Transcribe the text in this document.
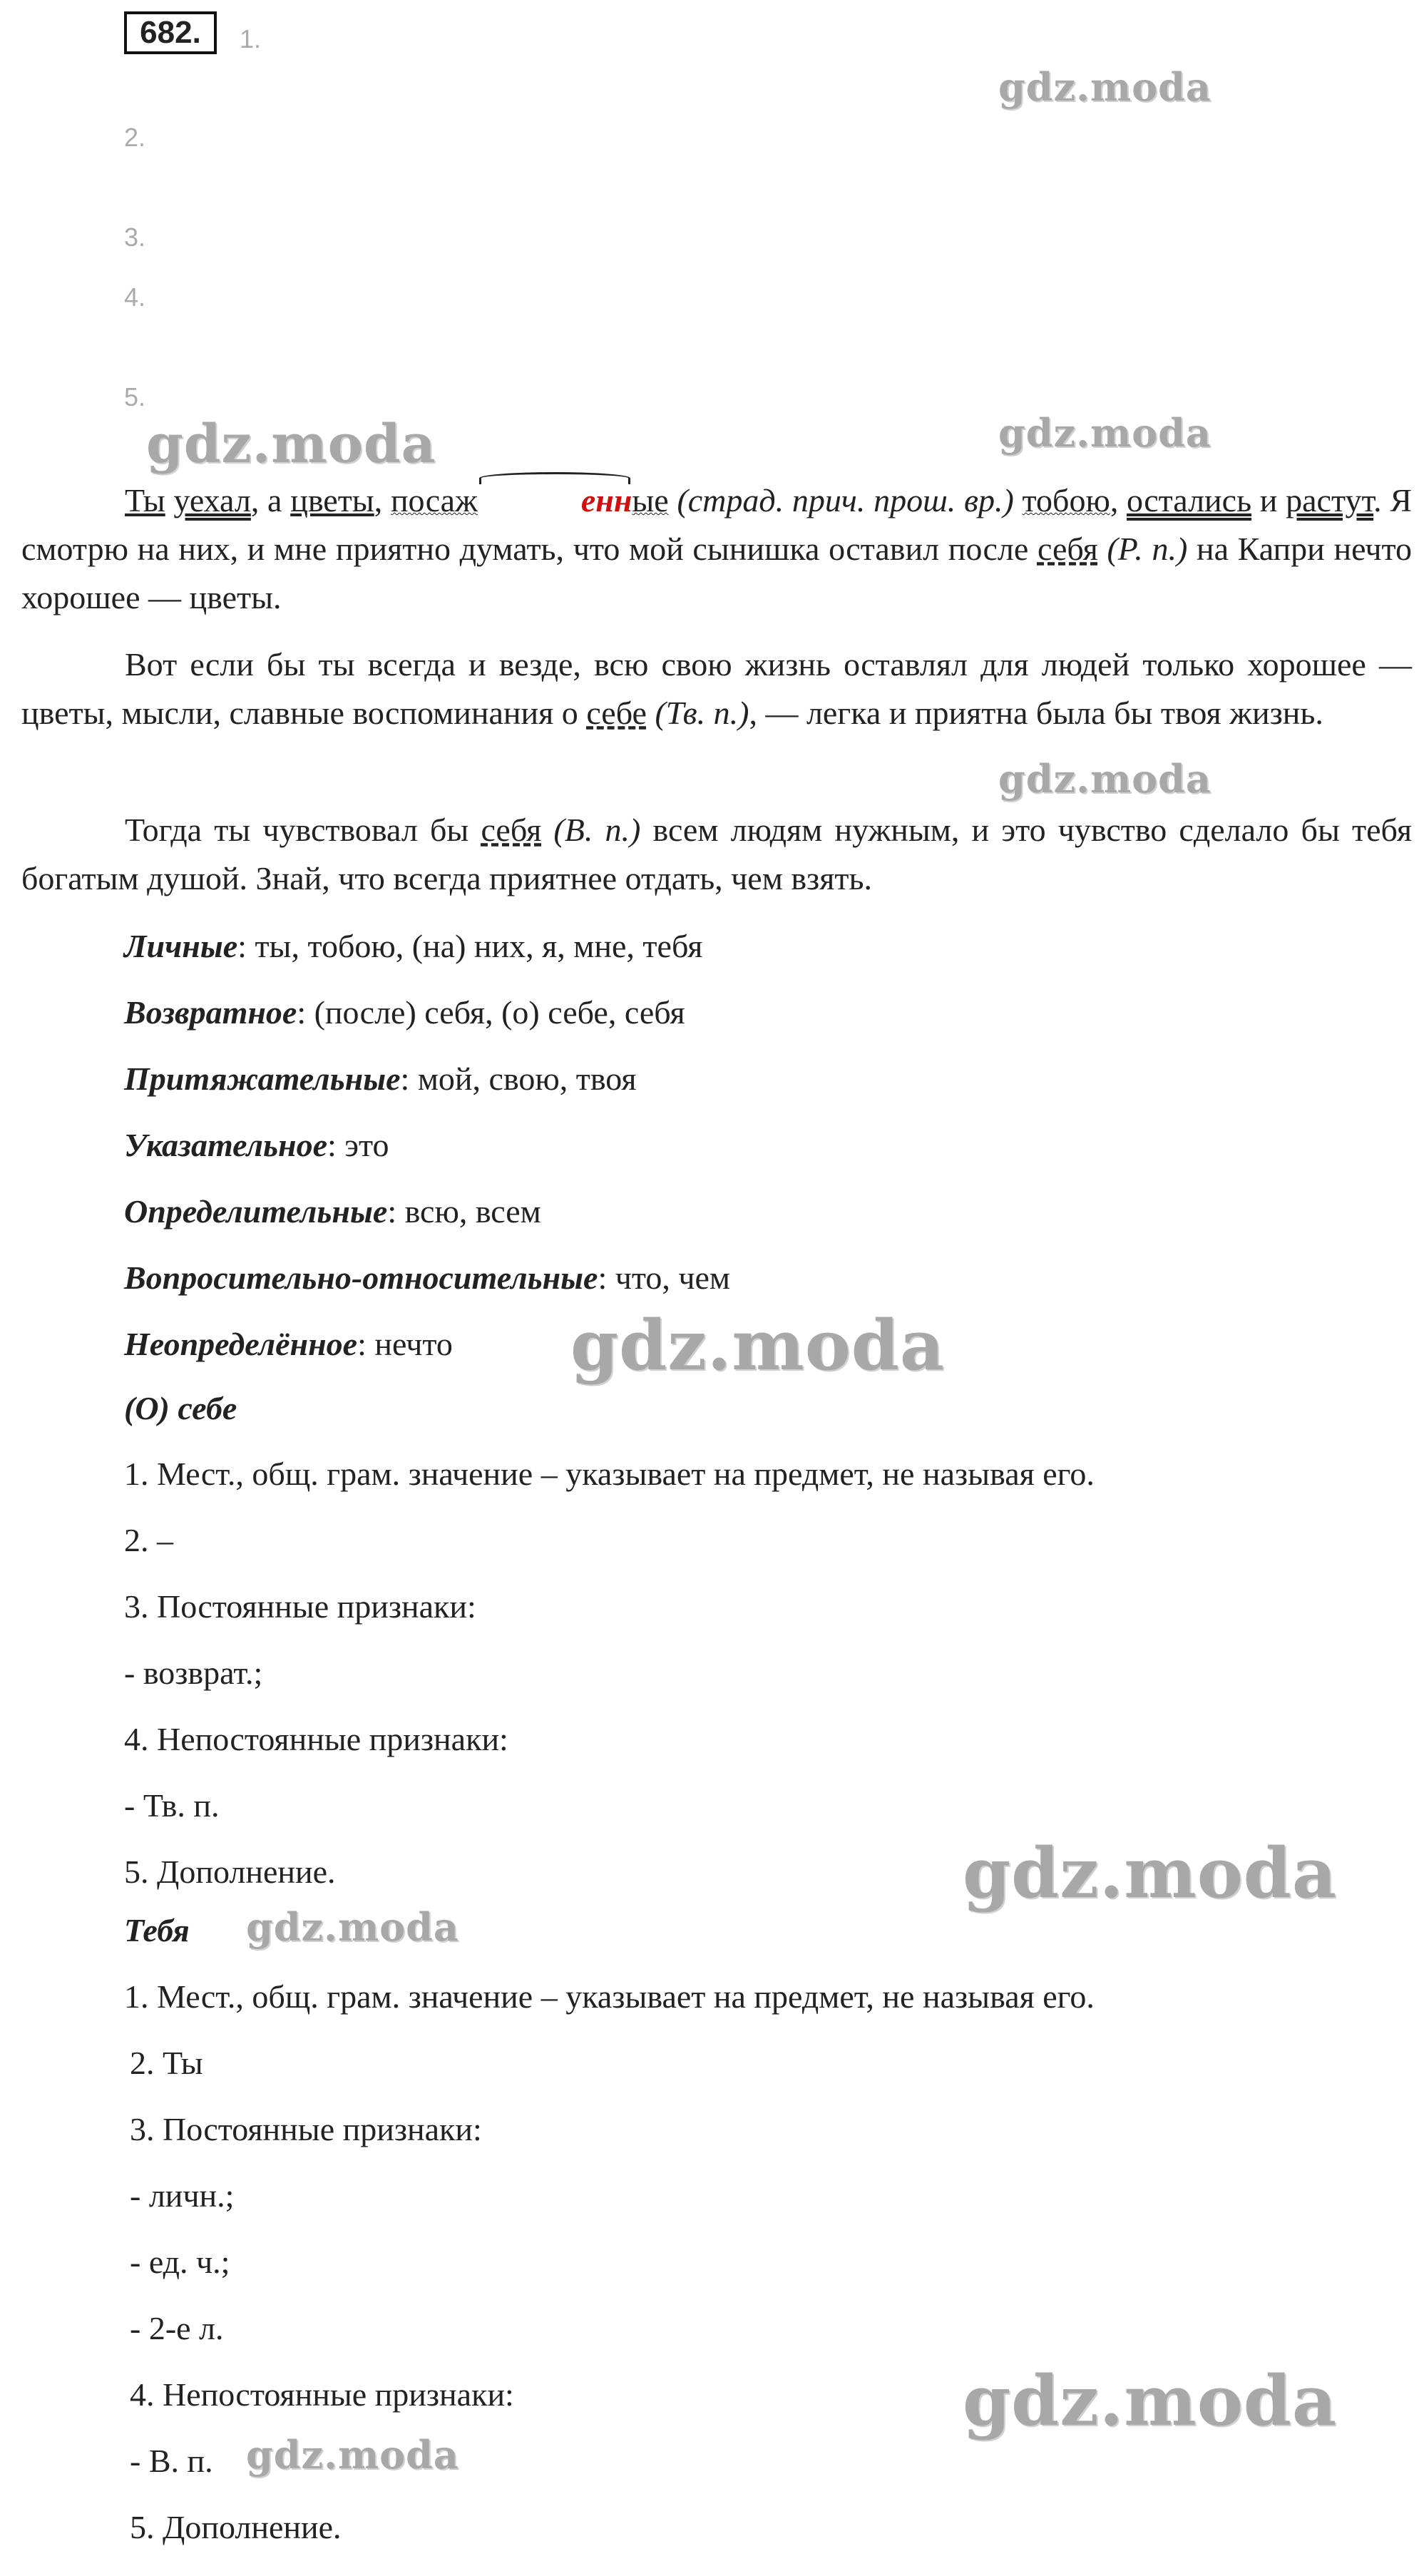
682.	1.
2.
3.
4.
5.
gdz.moda
gdz.moda	gdz.moda
gdz.moda
gdz.moda
gdz.moda
gdz.moda
gdz.moda
gdz.moda
Ты уехал, а цветы, посаж	енные (страд. прич. прош. вр.) тобою, остались и растут. Я смотрю на них, и мне приятно думать, что мой сынишка оставил после себя (Р. п.) на Капри нечто хорошее — цветы.
Вот если бы ты всегда и везде, всю свою жизнь оставлял для людей только хорошее — цветы, мысли, славные воспоминания о себе (Тв. п.), — легка и приятна была бы твоя жизнь.
Тогда ты чувствовал бы себя (В. п.) всем людям нужным, и это чувство сделало бы тебя богатым душой. Знай, что всегда приятнее отдать, чем взять.
Личные: ты, тобою, (на) них, я, мне, тебя
Возвратное: (после) себя, (о) себе, себя
Притяжательные: мой, свою, твоя
Указательное: это
Определительные: всю, всем
Вопросительно-относительные: что, чем
Неопределённое: нечто
(О) себе
1. Мест., общ. грам. значение – указывает на предмет, не называя его.
2. –
3. Постоянные признаки:
- возврат.;
4. Непостоянные признаки:
- Тв. п.
5. Дополнение.
Тебя
1. Мест., общ. грам. значение – указывает на предмет, не называя его.
2. Ты
3. Постоянные признаки:
- личн.;
- ед. ч.;
- 2-е л.
4. Непостоянные признаки:
- В. п.
5. Дополнение.
